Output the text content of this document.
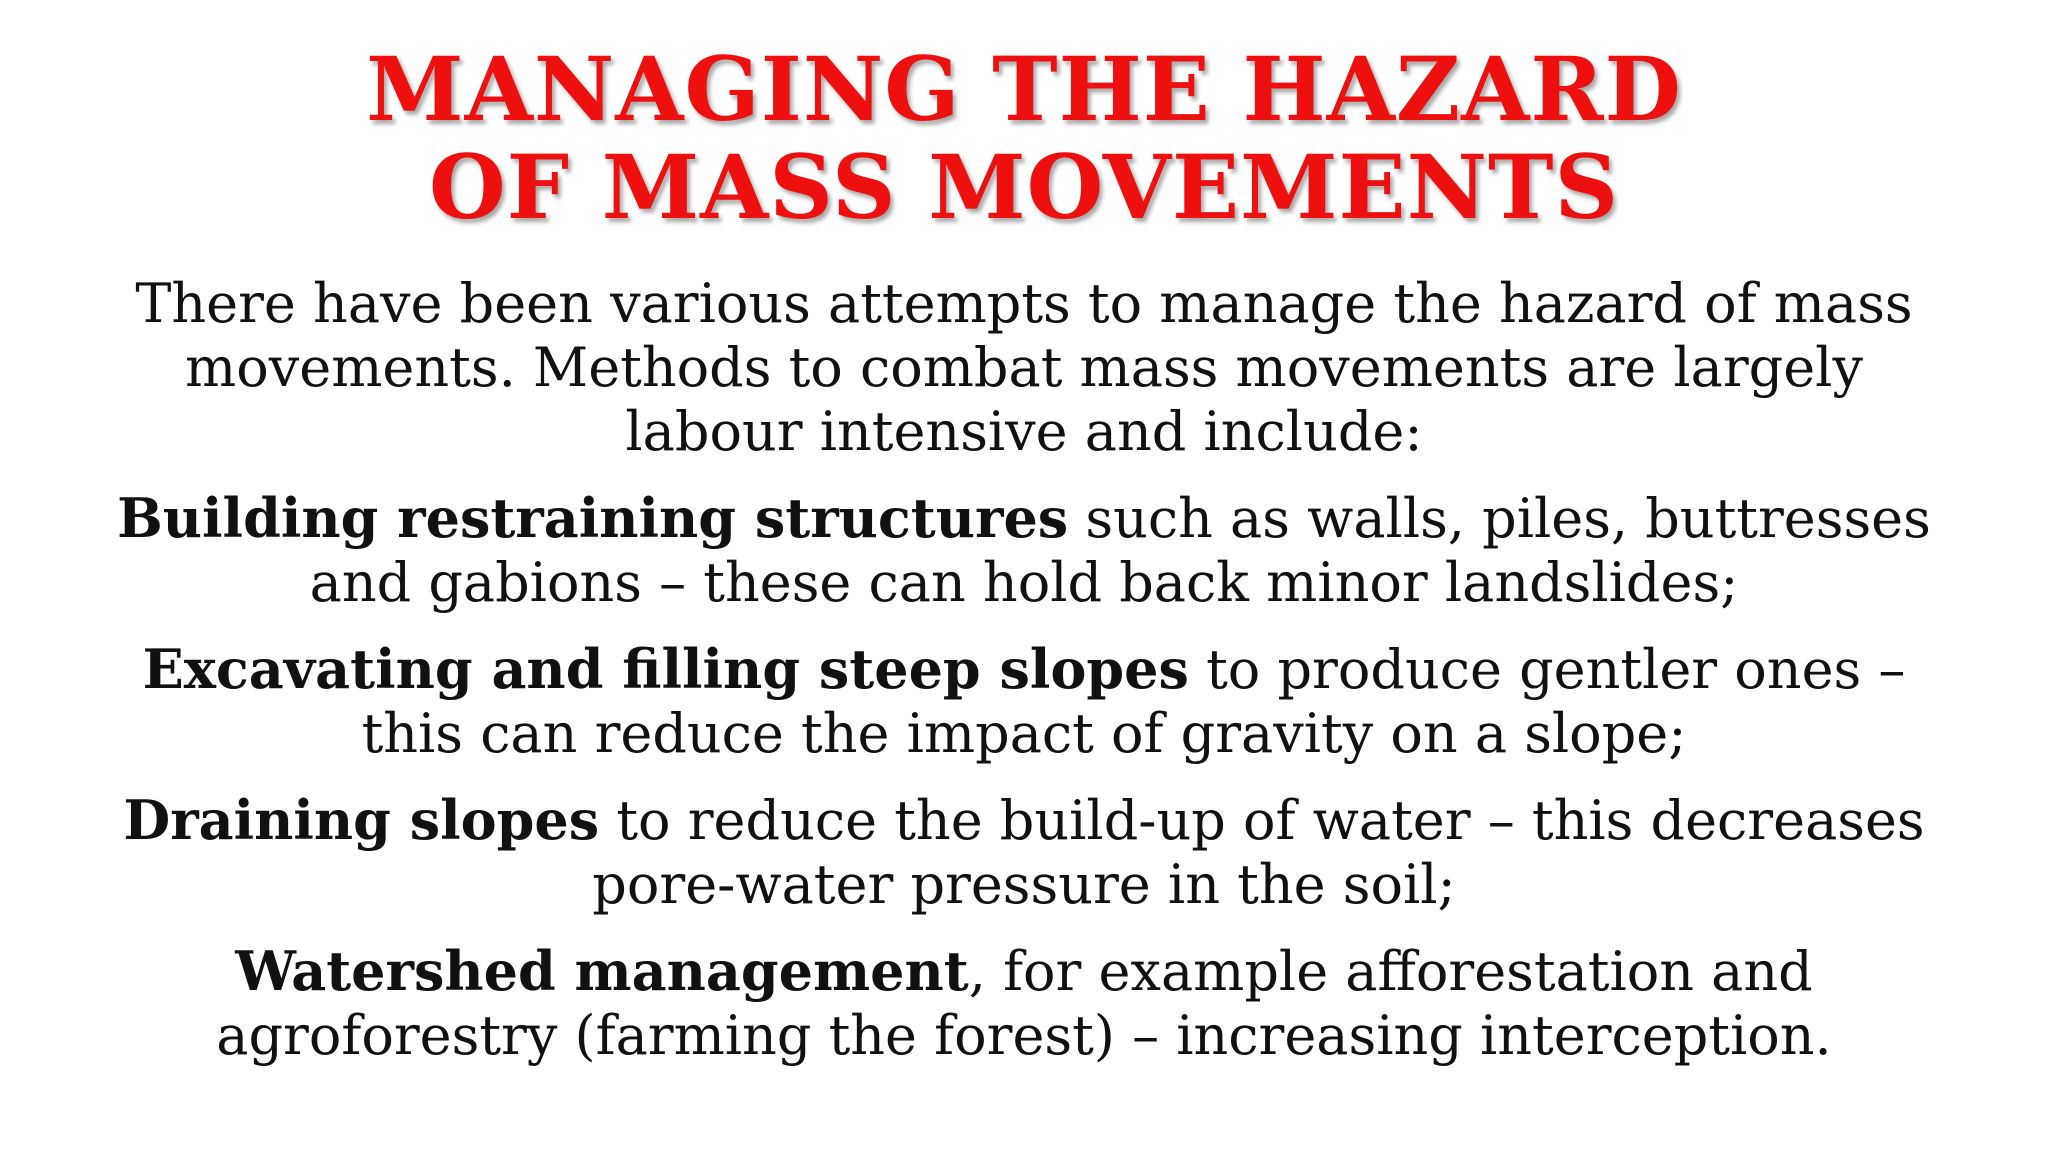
MANAGING THE HAZARD
OF MASS MOVEMENTS

There have been various attempts to manage the hazard of mass
movements. Methods to combat mass movements are largely
labour intensive and include:

Building restraining structures such as walls, piles, buttresses
and gabions – these can hold back minor landslides;

Excavating and filling steep slopes to produce gentler ones –
this can reduce the impact of gravity on a slope;

Draining slopes to reduce the build-up of water – this decreases
pore-water pressure in the soil;

Watershed management, for example afforestation and
agroforestry (farming the forest) – increasing interception.
